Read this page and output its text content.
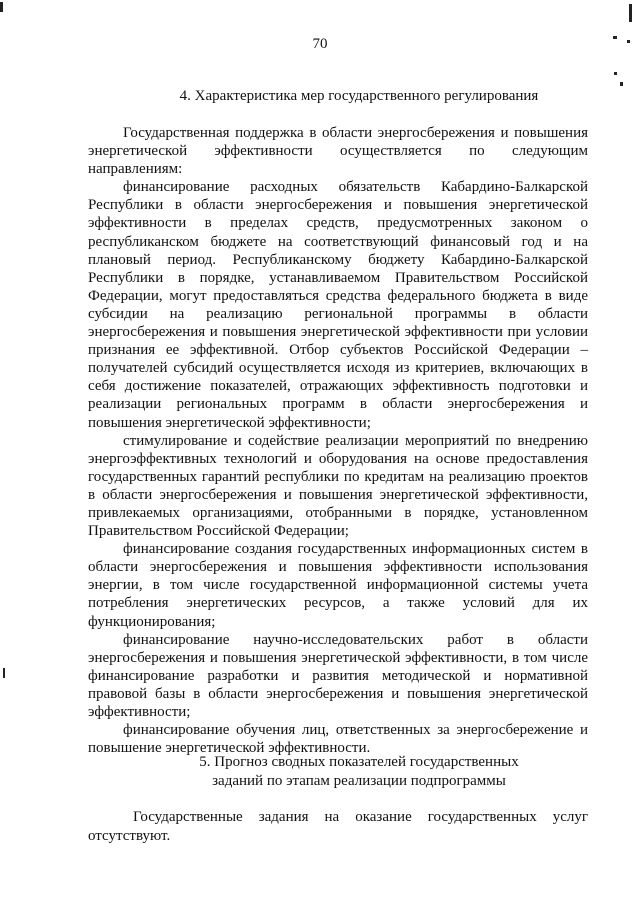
70
4. Характеристика мер государственного регулирования

Государственная поддержка в области энергосбережения и повышения энергетической эффективности осуществляется по следующим направлениям:

финансирование расходных обязательств Кабардино-Балкарской Республики в области энергосбережения и повышения энергетической эффективности в пределах средств, предусмотренных законом о республиканском бюджете на соответствующий финансовый год и на плановый период. Республиканскому бюджету Кабардино-Балкарской Республики в порядке, устанавливаемом Правительством Российской Федерации, могут предоставляться средства федерального бюджета в виде субсидии на реализацию региональной программы в области энергосбережения и повышения энергетической эффективности при условии признания ее эффективной. Отбор субъектов Российской Федерации – получателей субсидий осуществляется исходя из критериев, включающих в себя достижение показателей, отражающих эффективность подготовки и реализации региональных программ в области энергосбережения и повышения энергетической эффективности;

стимулирование и содействие реализации мероприятий по внедрению энергоэффективных технологий и оборудования на основе предоставления государственных гарантий республики по кредитам на реализацию проектов в области энергосбережения и повышения энергетической эффективности, привлекаемых организациями, отобранными в порядке, установленном Правительством Российской Федерации;

финансирование создания государственных информационных систем в области энергосбережения и повышения эффективности использования энергии, в том числе государственной информационной системы учета потребления энергетических ресурсов, а также условий для их функционирования;

финансирование научно-исследовательских работ в области энергосбережения и повышения энергетической эффективности, в том числе финансирование разработки и развития методической и нормативной правовой базы в области энергосбережения и повышения энергетической эффективности;

финансирование обучения лиц, ответственных за энергосбережение и повышение энергетической эффективности.

5. Прогноз сводных показателей государственных
заданий по этапам реализации подпрограммы

Государственные задания на оказание государственных услуг отсутствуют.
